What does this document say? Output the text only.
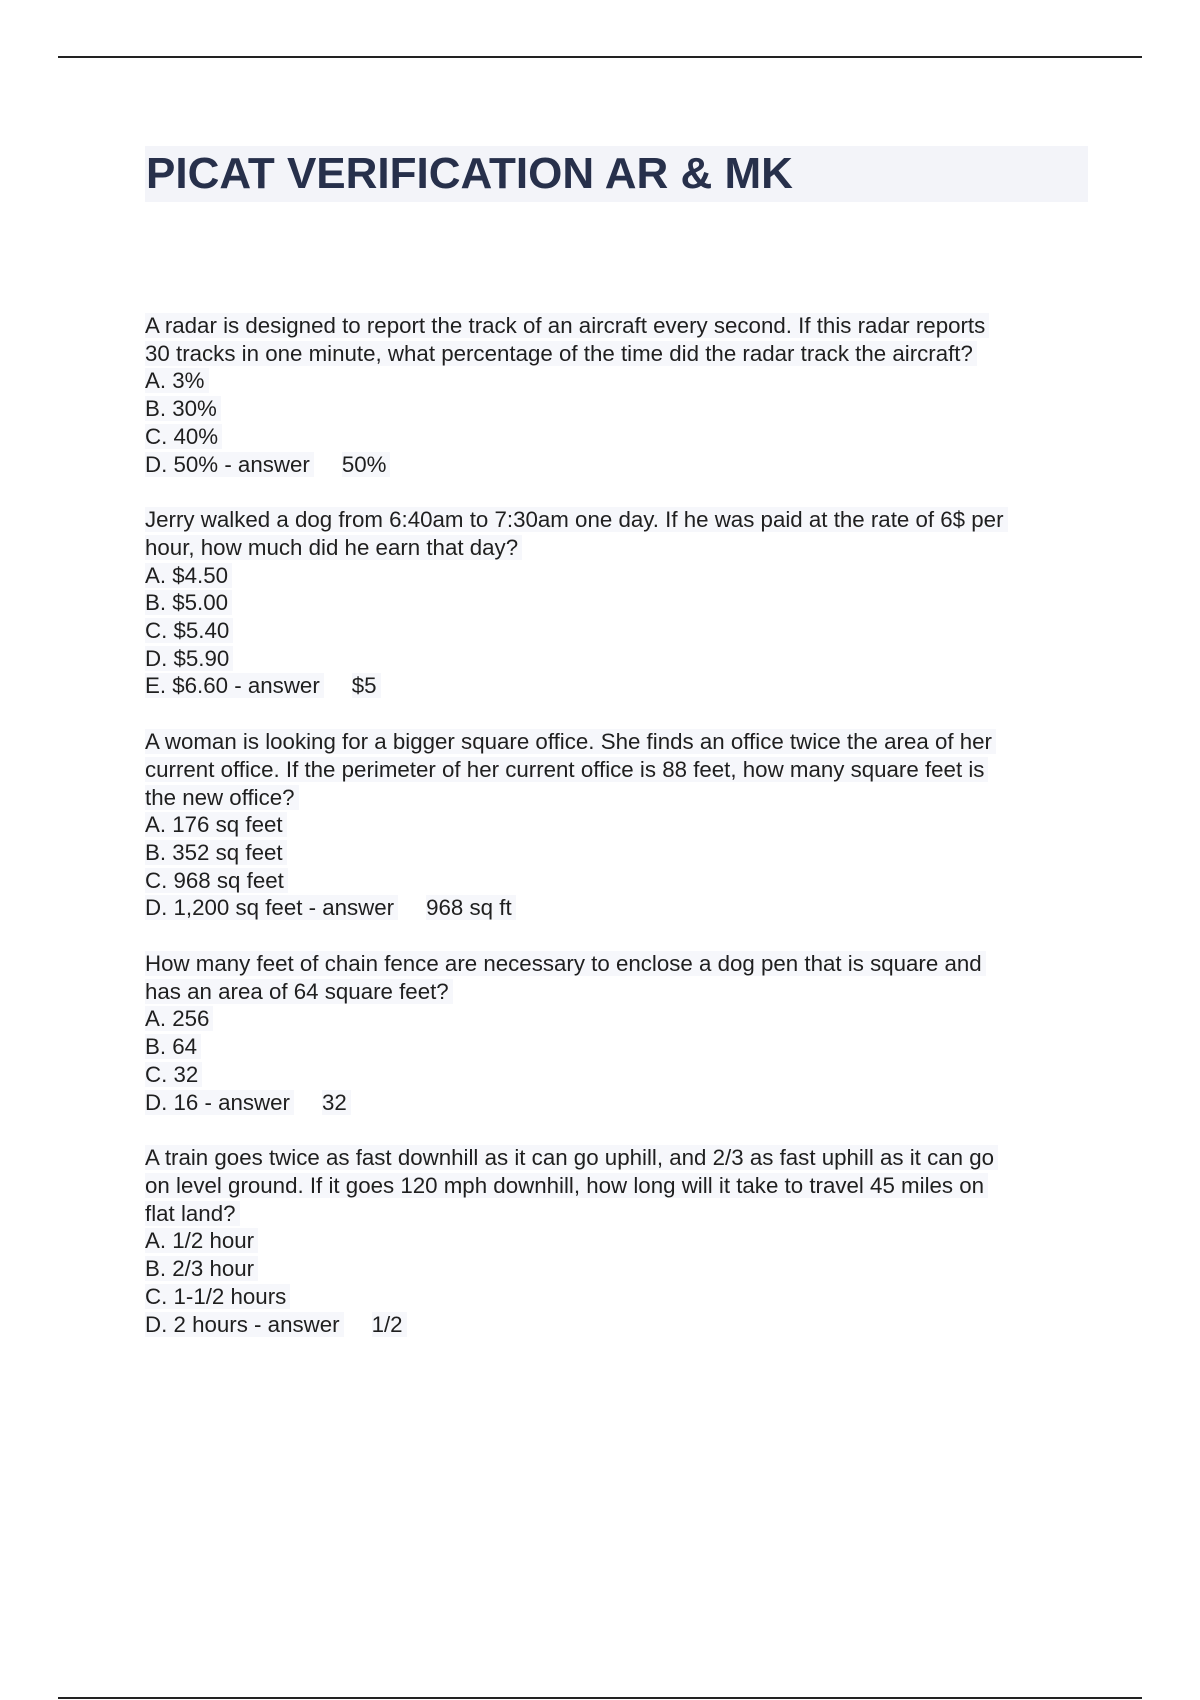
PICAT VERIFICATION AR & MK
A radar is designed to report the track of an aircraft every second. If this radar reports
30 tracks in one minute, what percentage of the time did the radar track the aircraft?
A. 3%
B. 30%
C. 40%
D. 50% - answer 50%
Jerry walked a dog from 6:40am to 7:30am one day. If he was paid at the rate of 6$ per
hour, how much did he earn that day?
A. $4.50
B. $5.00
C. $5.40
D. $5.90
E. $6.60 - answer $5
A woman is looking for a bigger square office. She finds an office twice the area of her
current office. If the perimeter of her current office is 88 feet, how many square feet is
the new office?
A. 176 sq feet
B. 352 sq feet
C. 968 sq feet
D. 1,200 sq feet - answer 968 sq ft
How many feet of chain fence are necessary to enclose a dog pen that is square and
has an area of 64 square feet?
A. 256
B. 64
C. 32
D. 16 - answer 32
A train goes twice as fast downhill as it can go uphill, and 2/3 as fast uphill as it can go
on level ground. If it goes 120 mph downhill, how long will it take to travel 45 miles on
flat land?
A. 1/2 hour
B. 2/3 hour
C. 1-1/2 hours
D. 2 hours - answer 1/2
